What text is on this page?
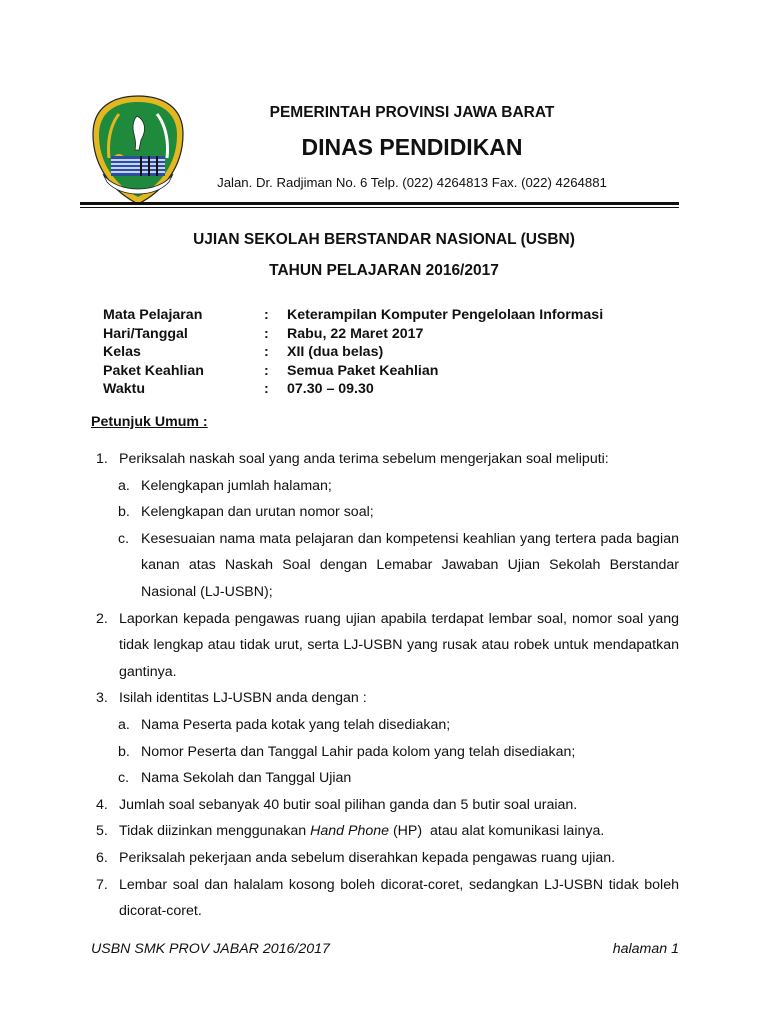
PEMERINTAH PROVINSI JAWA BARAT
DINAS PENDIDIKAN
Jalan. Dr. Radjiman No. 6 Telp. (022) 4264813 Fax. (022) 4264881
UJIAN SEKOLAH BERSTANDAR NASIONAL (USBN)
TAHUN PELAJARAN 2016/2017
Mata Pelajaran	: Keterampilan Komputer Pengelolaan Informasi
Hari/Tanggal	: Rabu, 22 Maret 2017
Kelas	: XII (dua belas)
Paket Keahlian	: Semua Paket Keahlian
Waktu	: 07.30 – 09.30
Petunjuk Umum :
1. Periksalah naskah soal yang anda terima sebelum mengerjakan soal meliputi:
a. Kelengkapan jumlah halaman;
b. Kelengkapan dan urutan nomor soal;
c. Kesesuaian nama mata pelajaran dan kompetensi keahlian yang tertera pada bagian kanan atas Naskah Soal dengan Lemabar Jawaban Ujian Sekolah Berstandar Nasional (LJ-USBN);
2. Laporkan kepada pengawas ruang ujian apabila terdapat lembar soal, nomor soal yang tidak lengkap atau tidak urut, serta LJ-USBN yang rusak atau robek untuk mendapatkan gantinya.
3. Isilah identitas LJ-USBN anda dengan :
a. Nama Peserta pada kotak yang telah disediakan;
b. Nomor Peserta dan Tanggal Lahir pada kolom yang telah disediakan;
c. Nama Sekolah dan Tanggal Ujian
4. Jumlah soal sebanyak 40 butir soal pilihan ganda dan 5 butir soal uraian.
5. Tidak diizinkan menggunakan Hand Phone (HP)  atau alat komunikasi lainya.
6. Periksalah pekerjaan anda sebelum diserahkan kepada pengawas ruang ujian.
7. Lembar soal dan halalam kosong boleh dicorat-coret, sedangkan LJ-USBN tidak boleh dicorat-coret.
USBN SMK PROV JABAR 2016/2017	halaman 1
